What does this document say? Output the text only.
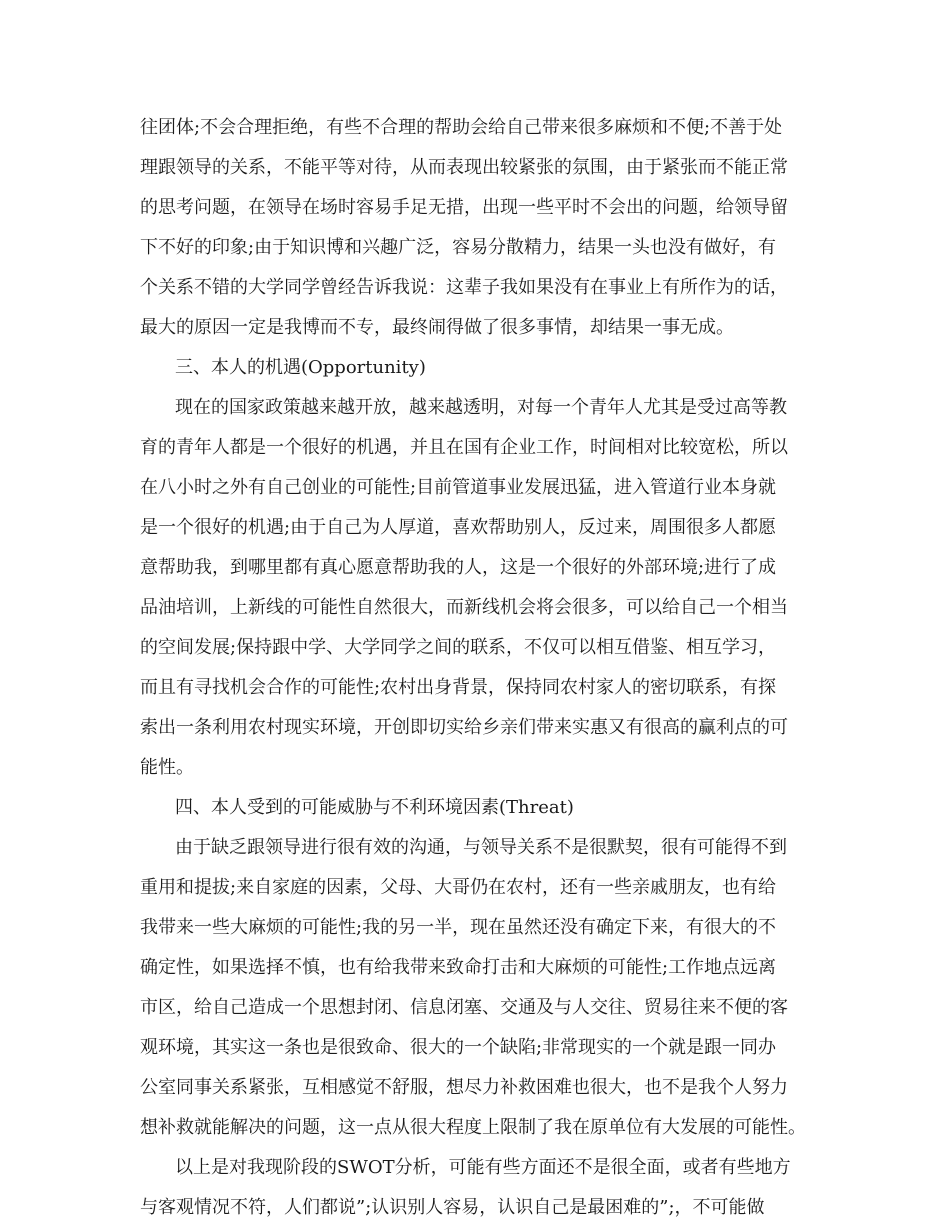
往团体;不会合理拒绝，有些不合理的帮助会给自己带来很多麻烦和不便;不善于处
理跟领导的关系，不能平等对待，从而表现出较紧张的氛围，由于紧张而不能正常
的思考问题，在领导在场时容易手足无措，出现一些平时不会出的问题，给领导留
下不好的印象;由于知识博和兴趣广泛，容易分散精力，结果一头也没有做好，有
个关系不错的大学同学曾经告诉我说：这辈子我如果没有在事业上有所作为的话，
最大的原因一定是我博而不专，最终闹得做了很多事情，却结果一事无成。
三、本人的机遇(Opportunity)
现在的国家政策越来越开放，越来越透明，对每一个青年人尤其是受过高等教
育的青年人都是一个很好的机遇，并且在国有企业工作，时间相对比较宽松，所以
在八小时之外有自己创业的可能性;目前管道事业发展迅猛，进入管道行业本身就
是一个很好的机遇;由于自己为人厚道，喜欢帮助别人，反过来，周围很多人都愿
意帮助我，到哪里都有真心愿意帮助我的人，这是一个很好的外部环境;进行了成
品油培训，上新线的可能性自然很大，而新线机会将会很多，可以给自己一个相当
的空间发展;保持跟中学、大学同学之间的联系，不仅可以相互借鉴、相互学习，
而且有寻找机会合作的可能性;农村出身背景，保持同农村家人的密切联系，有探
索出一条利用农村现实环境，开创即切实给乡亲们带来实惠又有很高的赢利点的可
能性。
四、本人受到的可能威胁与不利环境因素(Threat)
由于缺乏跟领导进行很有效的沟通，与领导关系不是很默契，很有可能得不到
重用和提拔;来自家庭的因素，父母、大哥仍在农村，还有一些亲戚朋友，也有给
我带来一些大麻烦的可能性;我的另一半，现在虽然还没有确定下来，有很大的不
确定性，如果选择不慎，也有给我带来致命打击和大麻烦的可能性;工作地点远离
市区，给自己造成一个思想封闭、信息闭塞、交通及与人交往、贸易往来不便的客
观环境，其实这一条也是很致命、很大的一个缺陷;非常现实的一个就是跟一同办
公室同事关系紧张，互相感觉不舒服，想尽力补救困难也很大，也不是我个人努力
想补救就能解决的问题，这一点从很大程度上限制了我在原单位有大发展的可能性。
以上是对我现阶段的SWOT分析，可能有些方面还不是很全面，或者有些地方
与客观情况不符，人们都说”;认识别人容易，认识自己是最困难的”;，不可能做
